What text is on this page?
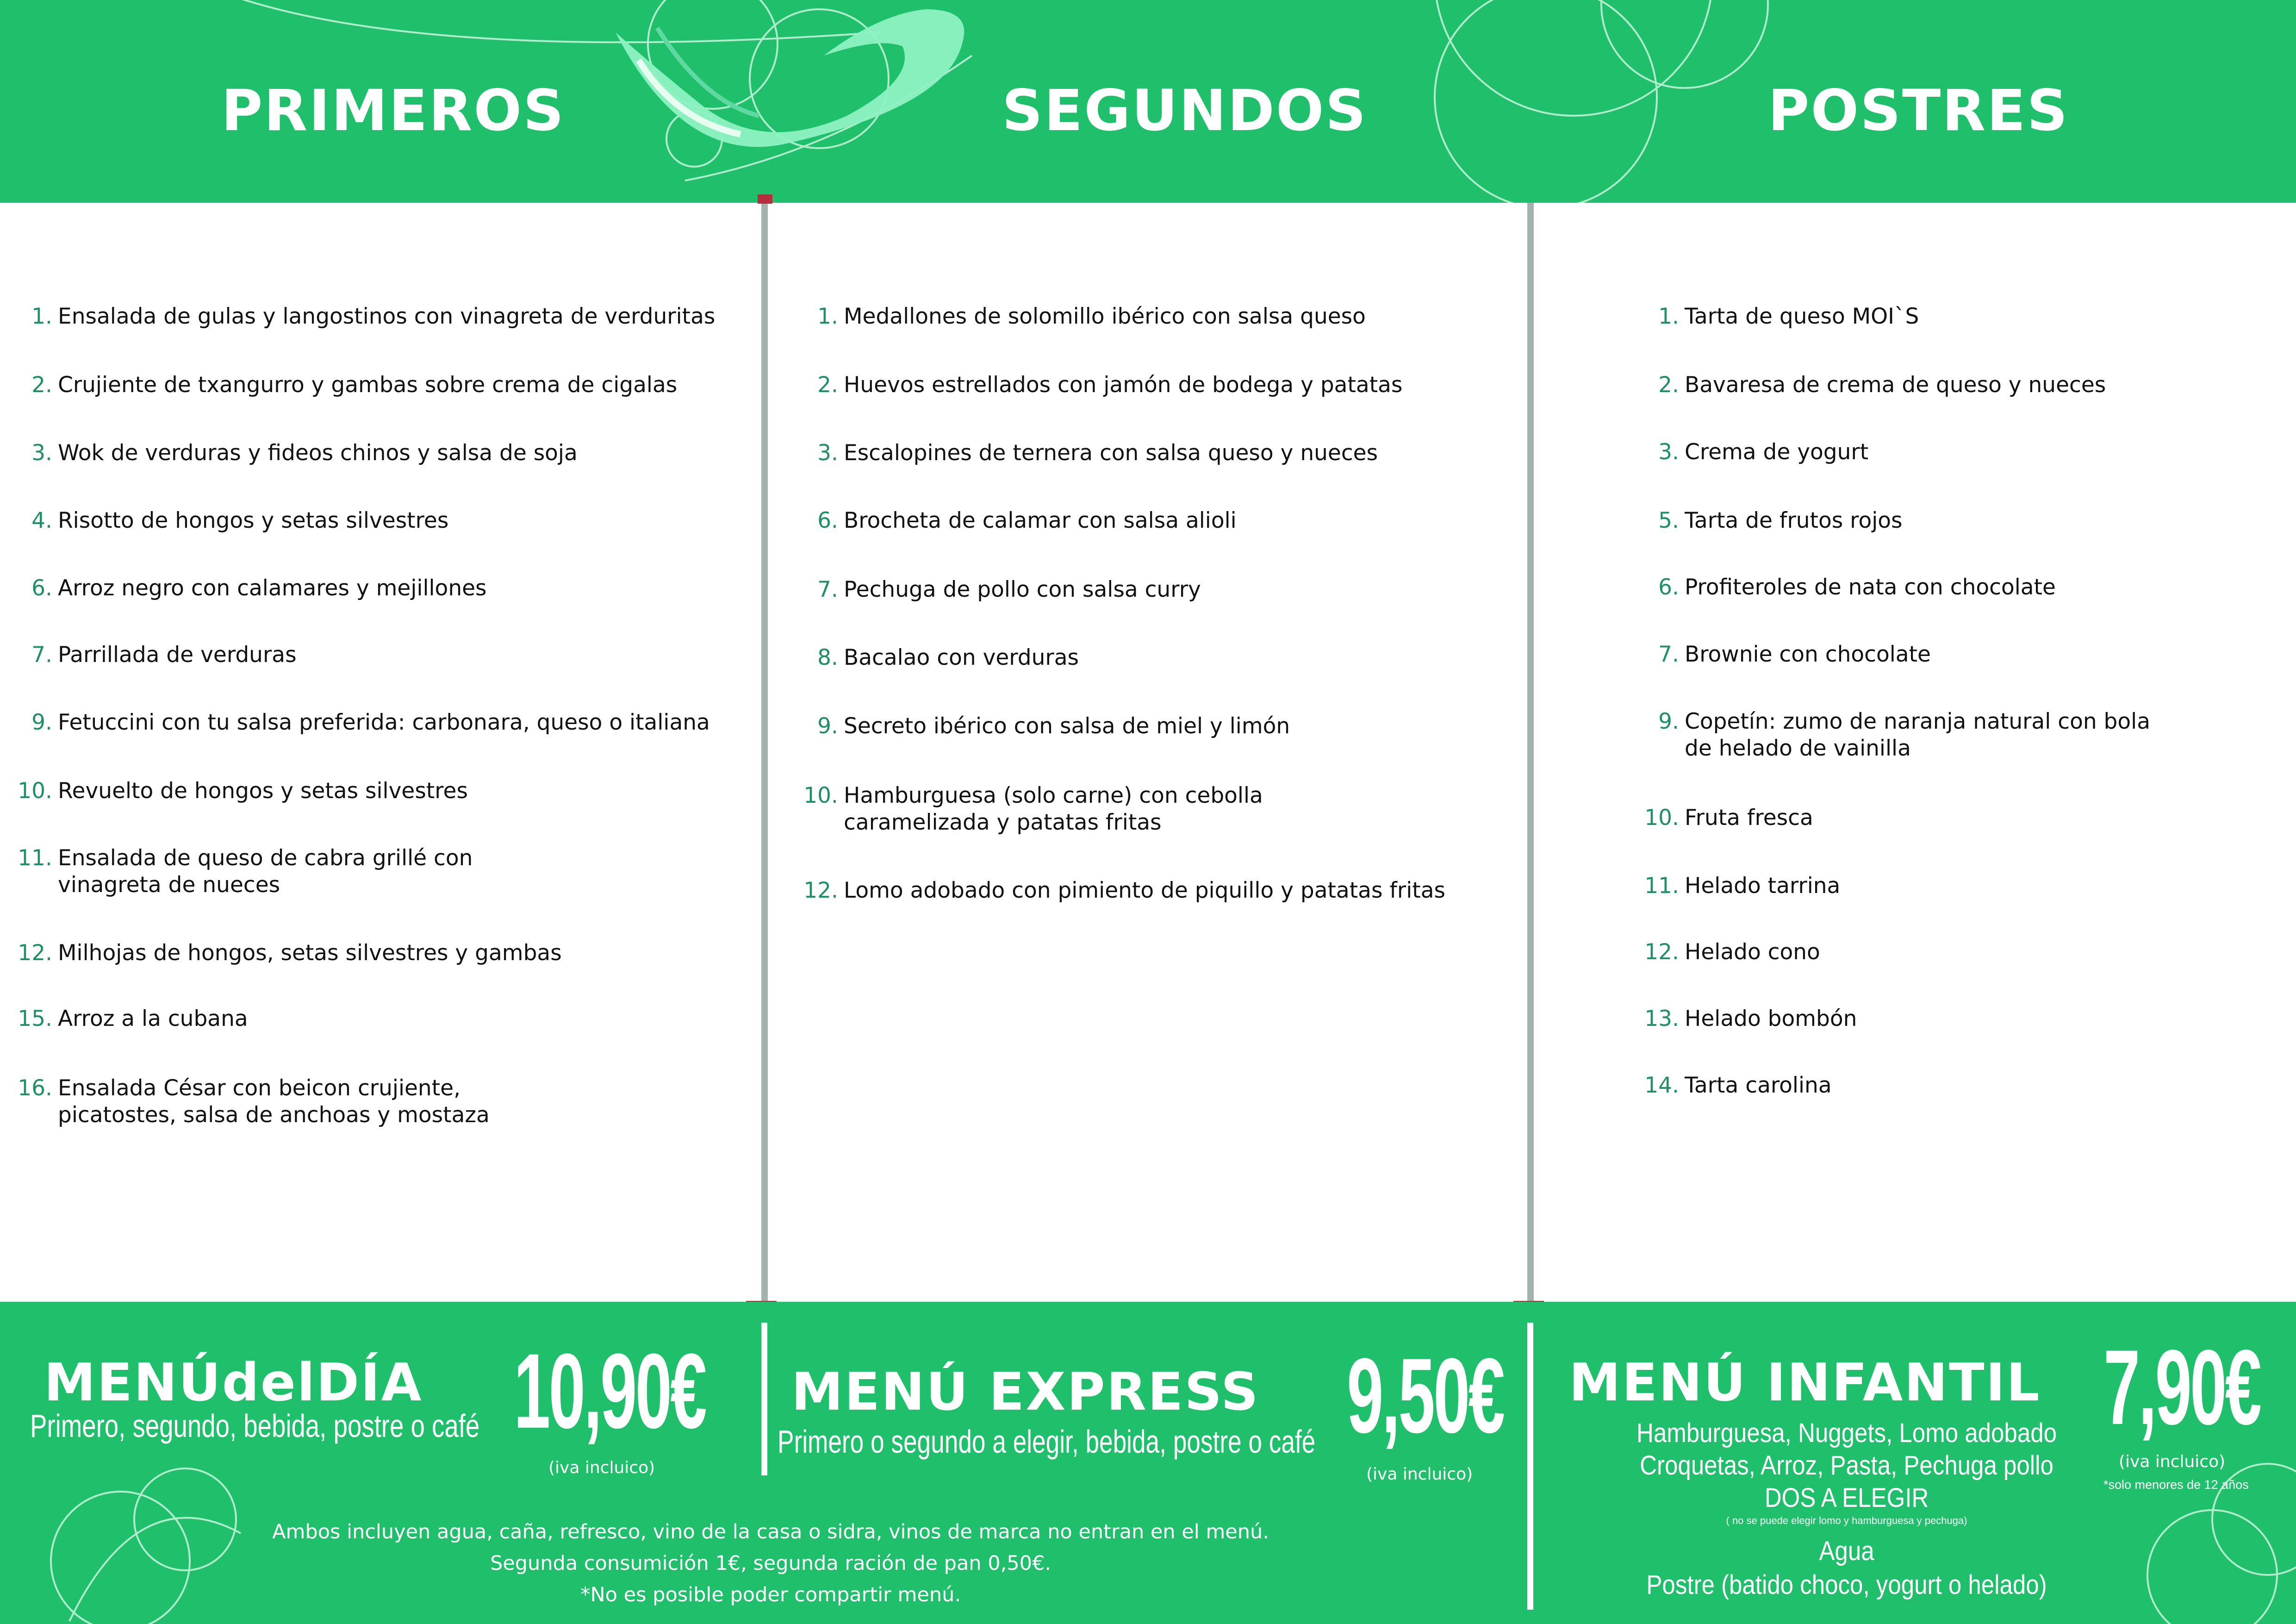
PRIMEROS	SEGUNDOS	POSTRES
1. Ensalada de gulas y langostinos con vinagreta de verduritas
2. Crujiente de txangurro y gambas sobre crema de cigalas
3. Wok de verduras y fideos chinos y salsa de soja
4. Risotto de hongos y setas silvestres
6. Arroz negro con calamares y mejillones
7. Parrillada de verduras
9. Fetuccini con tu salsa preferida: carbonara, queso o italiana
10. Revuelto de hongos y setas silvestres
11. Ensalada de queso de cabra grillé con
vinagreta de nueces
12. Milhojas de hongos, setas silvestres y gambas
15. Arroz a la cubana
16. Ensalada César con beicon crujiente,
picatostes, salsa de anchoas y mostaza
1. Medallones de solomillo ibérico con salsa queso
2. Huevos estrellados con jamón de bodega y patatas
3. Escalopines de ternera con salsa queso y nueces
6. Brocheta de calamar con salsa alioli
7. Pechuga de pollo con salsa curry
8. Bacalao con verduras
9. Secreto ibérico con salsa de miel y limón
10. Hamburguesa (solo carne) con cebolla
caramelizada y patatas fritas
12. Lomo adobado con pimiento de piquillo y patatas fritas
1. Tarta de queso MOI`S
2. Bavaresa de crema de queso y nueces
3. Crema de yogurt
5. Tarta de frutos rojos
6. Profiteroles de nata con chocolate
7. Brownie con chocolate
9. Copetín: zumo de naranja natural con bola
de helado de vainilla
10. Fruta fresca
11. Helado tarrina
12. Helado cono
13. Helado bombón
14. Tarta carolina
MENÚdelDÍA
Primero, segundo, bebida, postre o café 10,90€
(iva incluico)
MENÚ EXPRESS
Primero o segundo a elegir, bebida, postre o café 9,50€
(iva incluico)
MENÚ INFANTIL 7,90€
(iva incluico)
*solo menores de 12 años
Hamburguesa, Nuggets, Lomo adobado
Croquetas, Arroz, Pasta, Pechuga pollo
DOS A ELEGIR
( no se puede elegir lomo y hamburguesa y pechuga)
Agua
Postre (batido choco, yogurt o helado)
Ambos incluyen agua, caña, refresco, vino de la casa o sidra, vinos de marca no entran en el menú.
Segunda consumición 1€, segunda ración de pan 0,50€.
*No es posible poder compartir menú.
